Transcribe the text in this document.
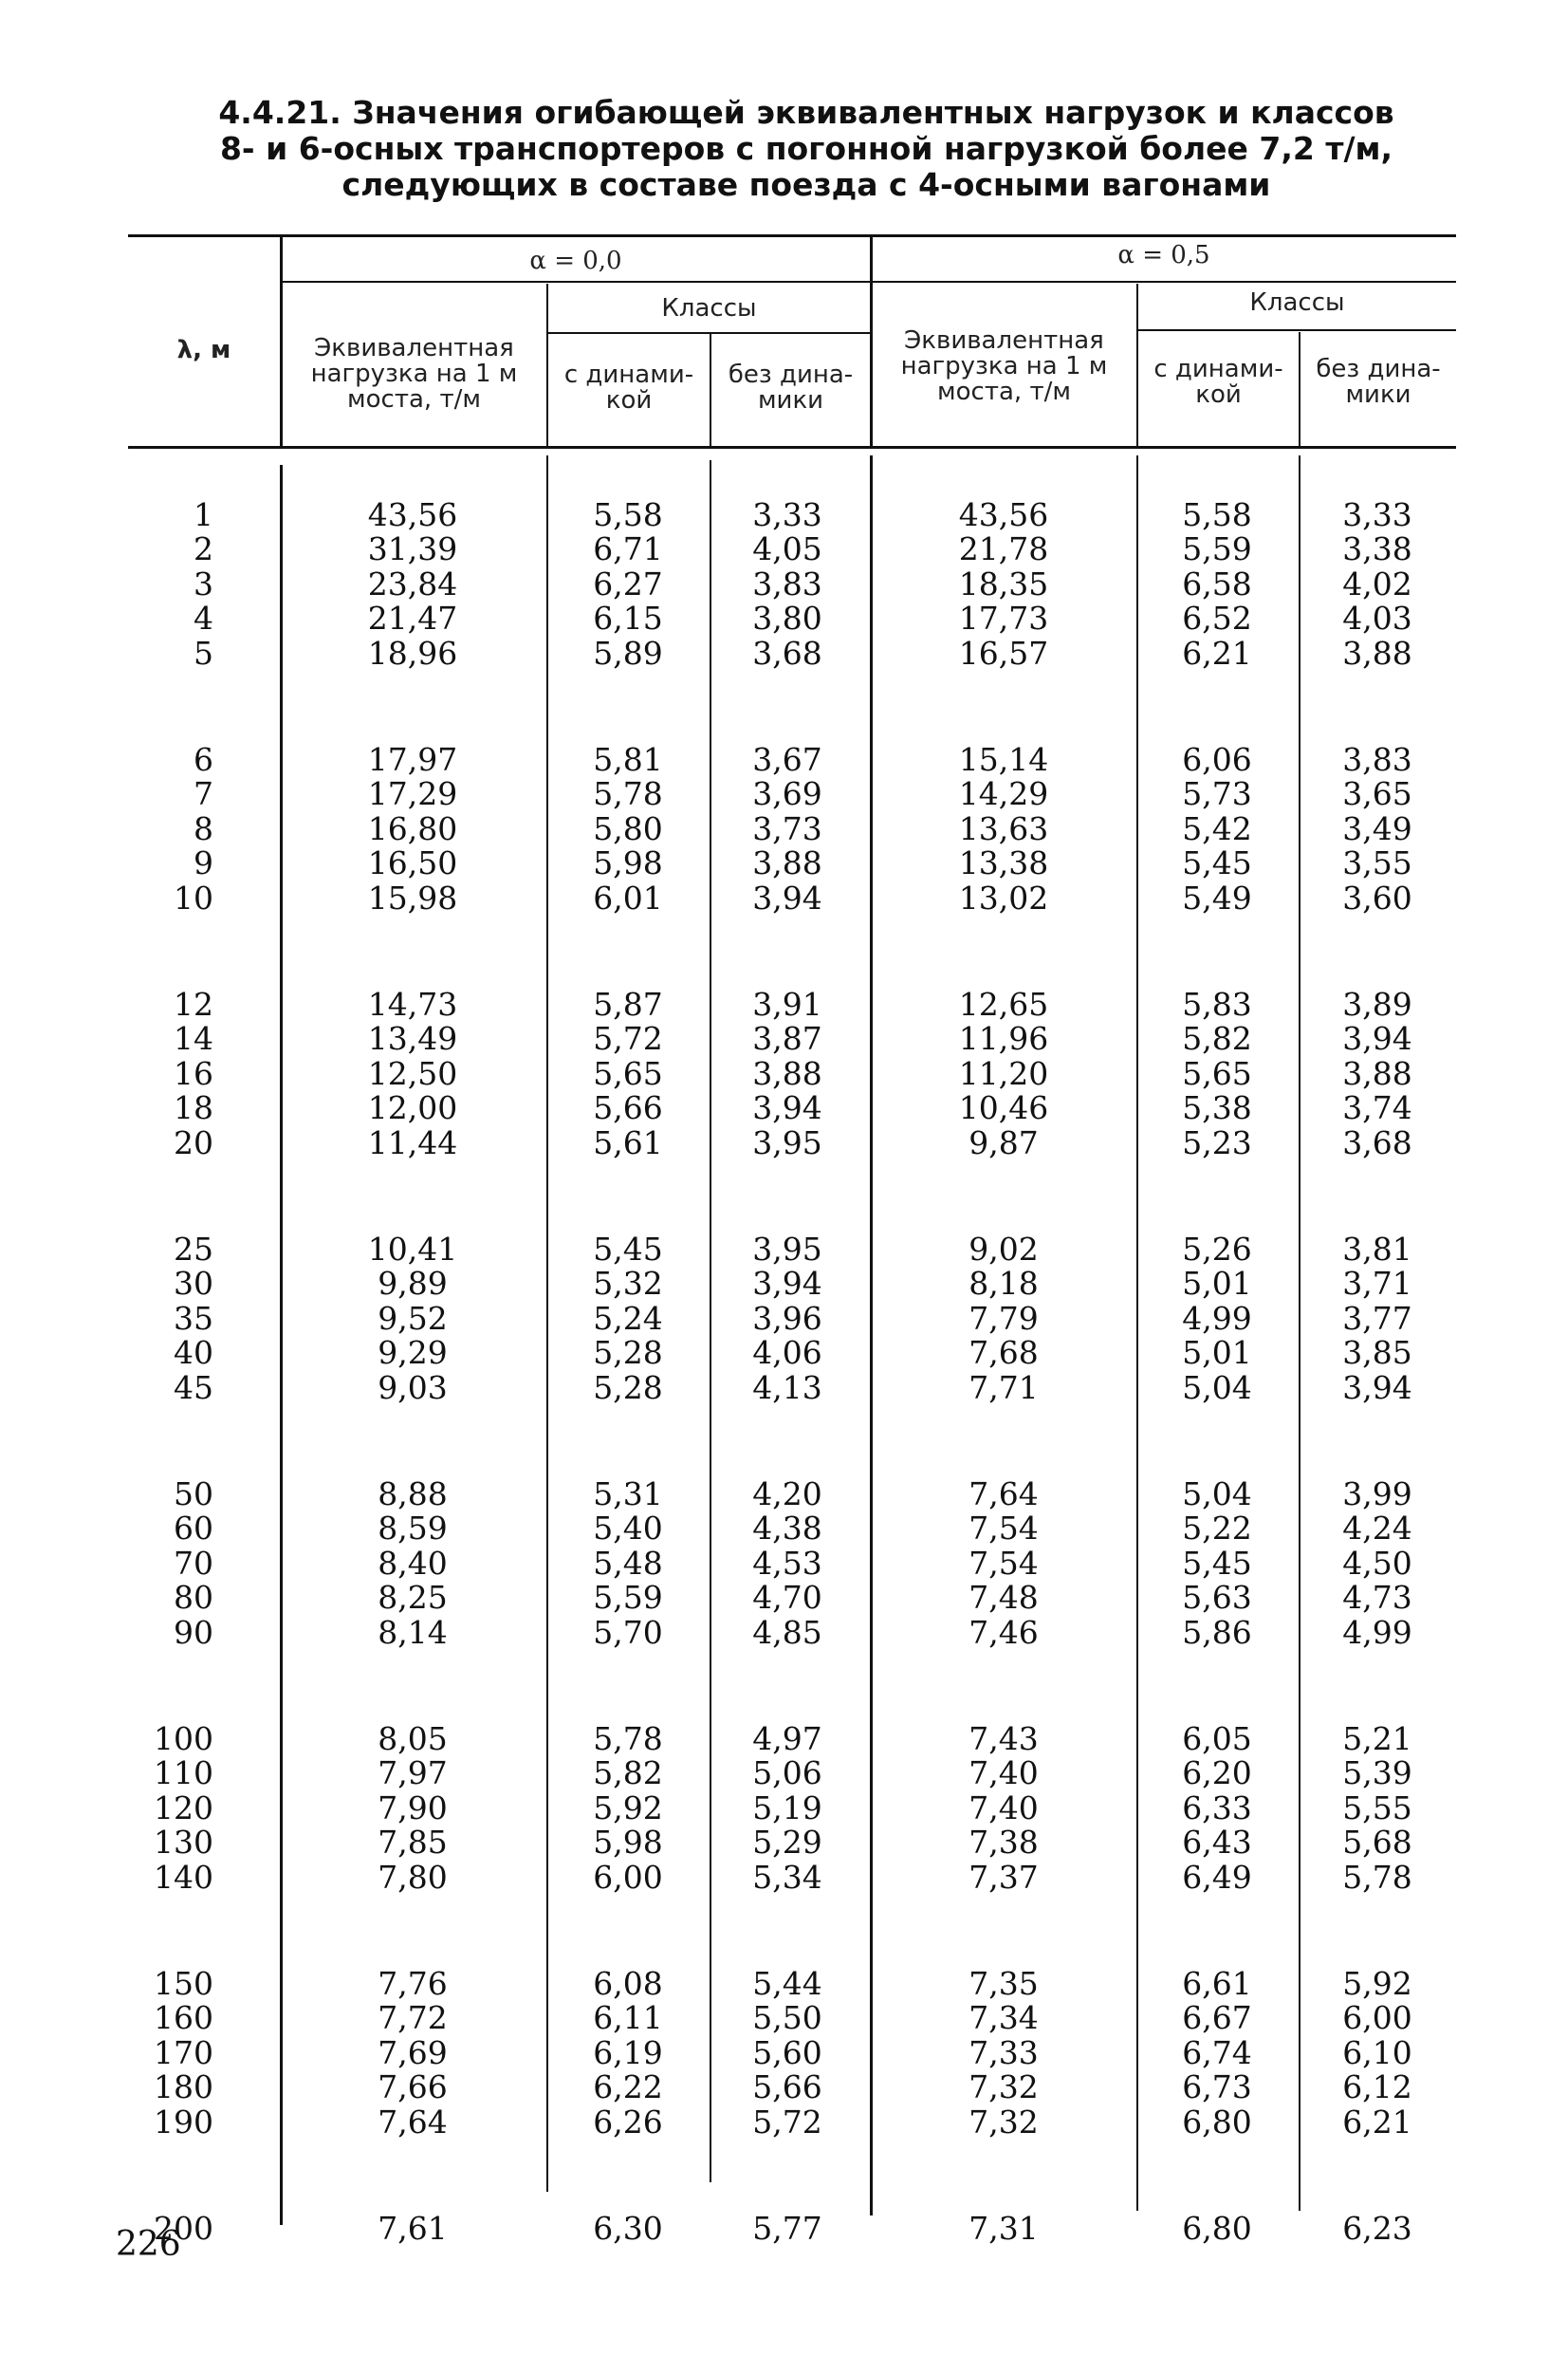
4.4.21. Значения огибающей эквивалентных нагрузок и классов
8- и 6-осных транспортеров с погонной нагрузкой более 7,2 т/м,
следующих в составе поезда с 4-осными вагонами
λ, м
α = 0,0	α = 0,5
Эквивалентная
нагрузка на 1 м
моста, т/м
Классы
с динами-
кой
без дина-
мики
Эквивалентная
нагрузка на 1 м
моста, т/м
Классы
с динами-
кой
без дина-
мики
1	43,56	5,58	3,33	43,56	5,58	3,33
2	31,39	6,71	4,05	21,78	5,59	3,38
3	23,84	6,27	3,83	18,35	6,58	4,02
4	21,47	6,15	3,80	17,73	6,52	4,03
5	18,96	5,89	3,68	16,57	6,21	3,88
6	17,97	5,81	3,67	15,14	6,06	3,83
7	17,29	5,78	3,69	14,29	5,73	3,65
8	16,80	5,80	3,73	13,63	5,42	3,49
9	16,50	5,98	3,88	13,38	5,45	3,55
10	15,98	6,01	3,94	13,02	5,49	3,60
12	14,73	5,87	3,91	12,65	5,83	3,89
14	13,49	5,72	3,87	11,96	5,82	3,94
16	12,50	5,65	3,88	11,20	5,65	3,88
18	12,00	5,66	3,94	10,46	5,38	3,74
20	11,44	5,61	3,95	9,87	5,23	3,68
25	10,41	5,45	3,95	9,02	5,26	3,81
30	9,89	5,32	3,94	8,18	5,01	3,71
35	9,52	5,24	3,96	7,79	4,99	3,77
40	9,29	5,28	4,06	7,68	5,01	3,85
45	9,03	5,28	4,13	7,71	5,04	3,94
50	8,88	5,31	4,20	7,64	5,04	3,99
60	8,59	5,40	4,38	7,54	5,22	4,24
70	8,40	5,48	4,53	7,54	5,45	4,50
80	8,25	5,59	4,70	7,48	5,63	4,73
90	8,14	5,70	4,85	7,46	5,86	4,99
100	8,05	5,78	4,97	7,43	6,05	5,21
110	7,97	5,82	5,06	7,40	6,20	5,39
120	7,90	5,92	5,19	7,40	6,33	5,55
130	7,85	5,98	5,29	7,38	6,43	5,68
140	7,80	6,00	5,34	7,37	6,49	5,78
150	7,76	6,08	5,44	7,35	6,61	5,92
160	7,72	6,11	5,50	7,34	6,67	6,00
170	7,69	6,19	5,60	7,33	6,74	6,10
180	7,66	6,22	5,66	7,32	6,73	6,12
190	7,64	6,26	5,72	7,32	6,80	6,21
200	7,61	6,30	5,77	7,31	6,80	6,23
226
